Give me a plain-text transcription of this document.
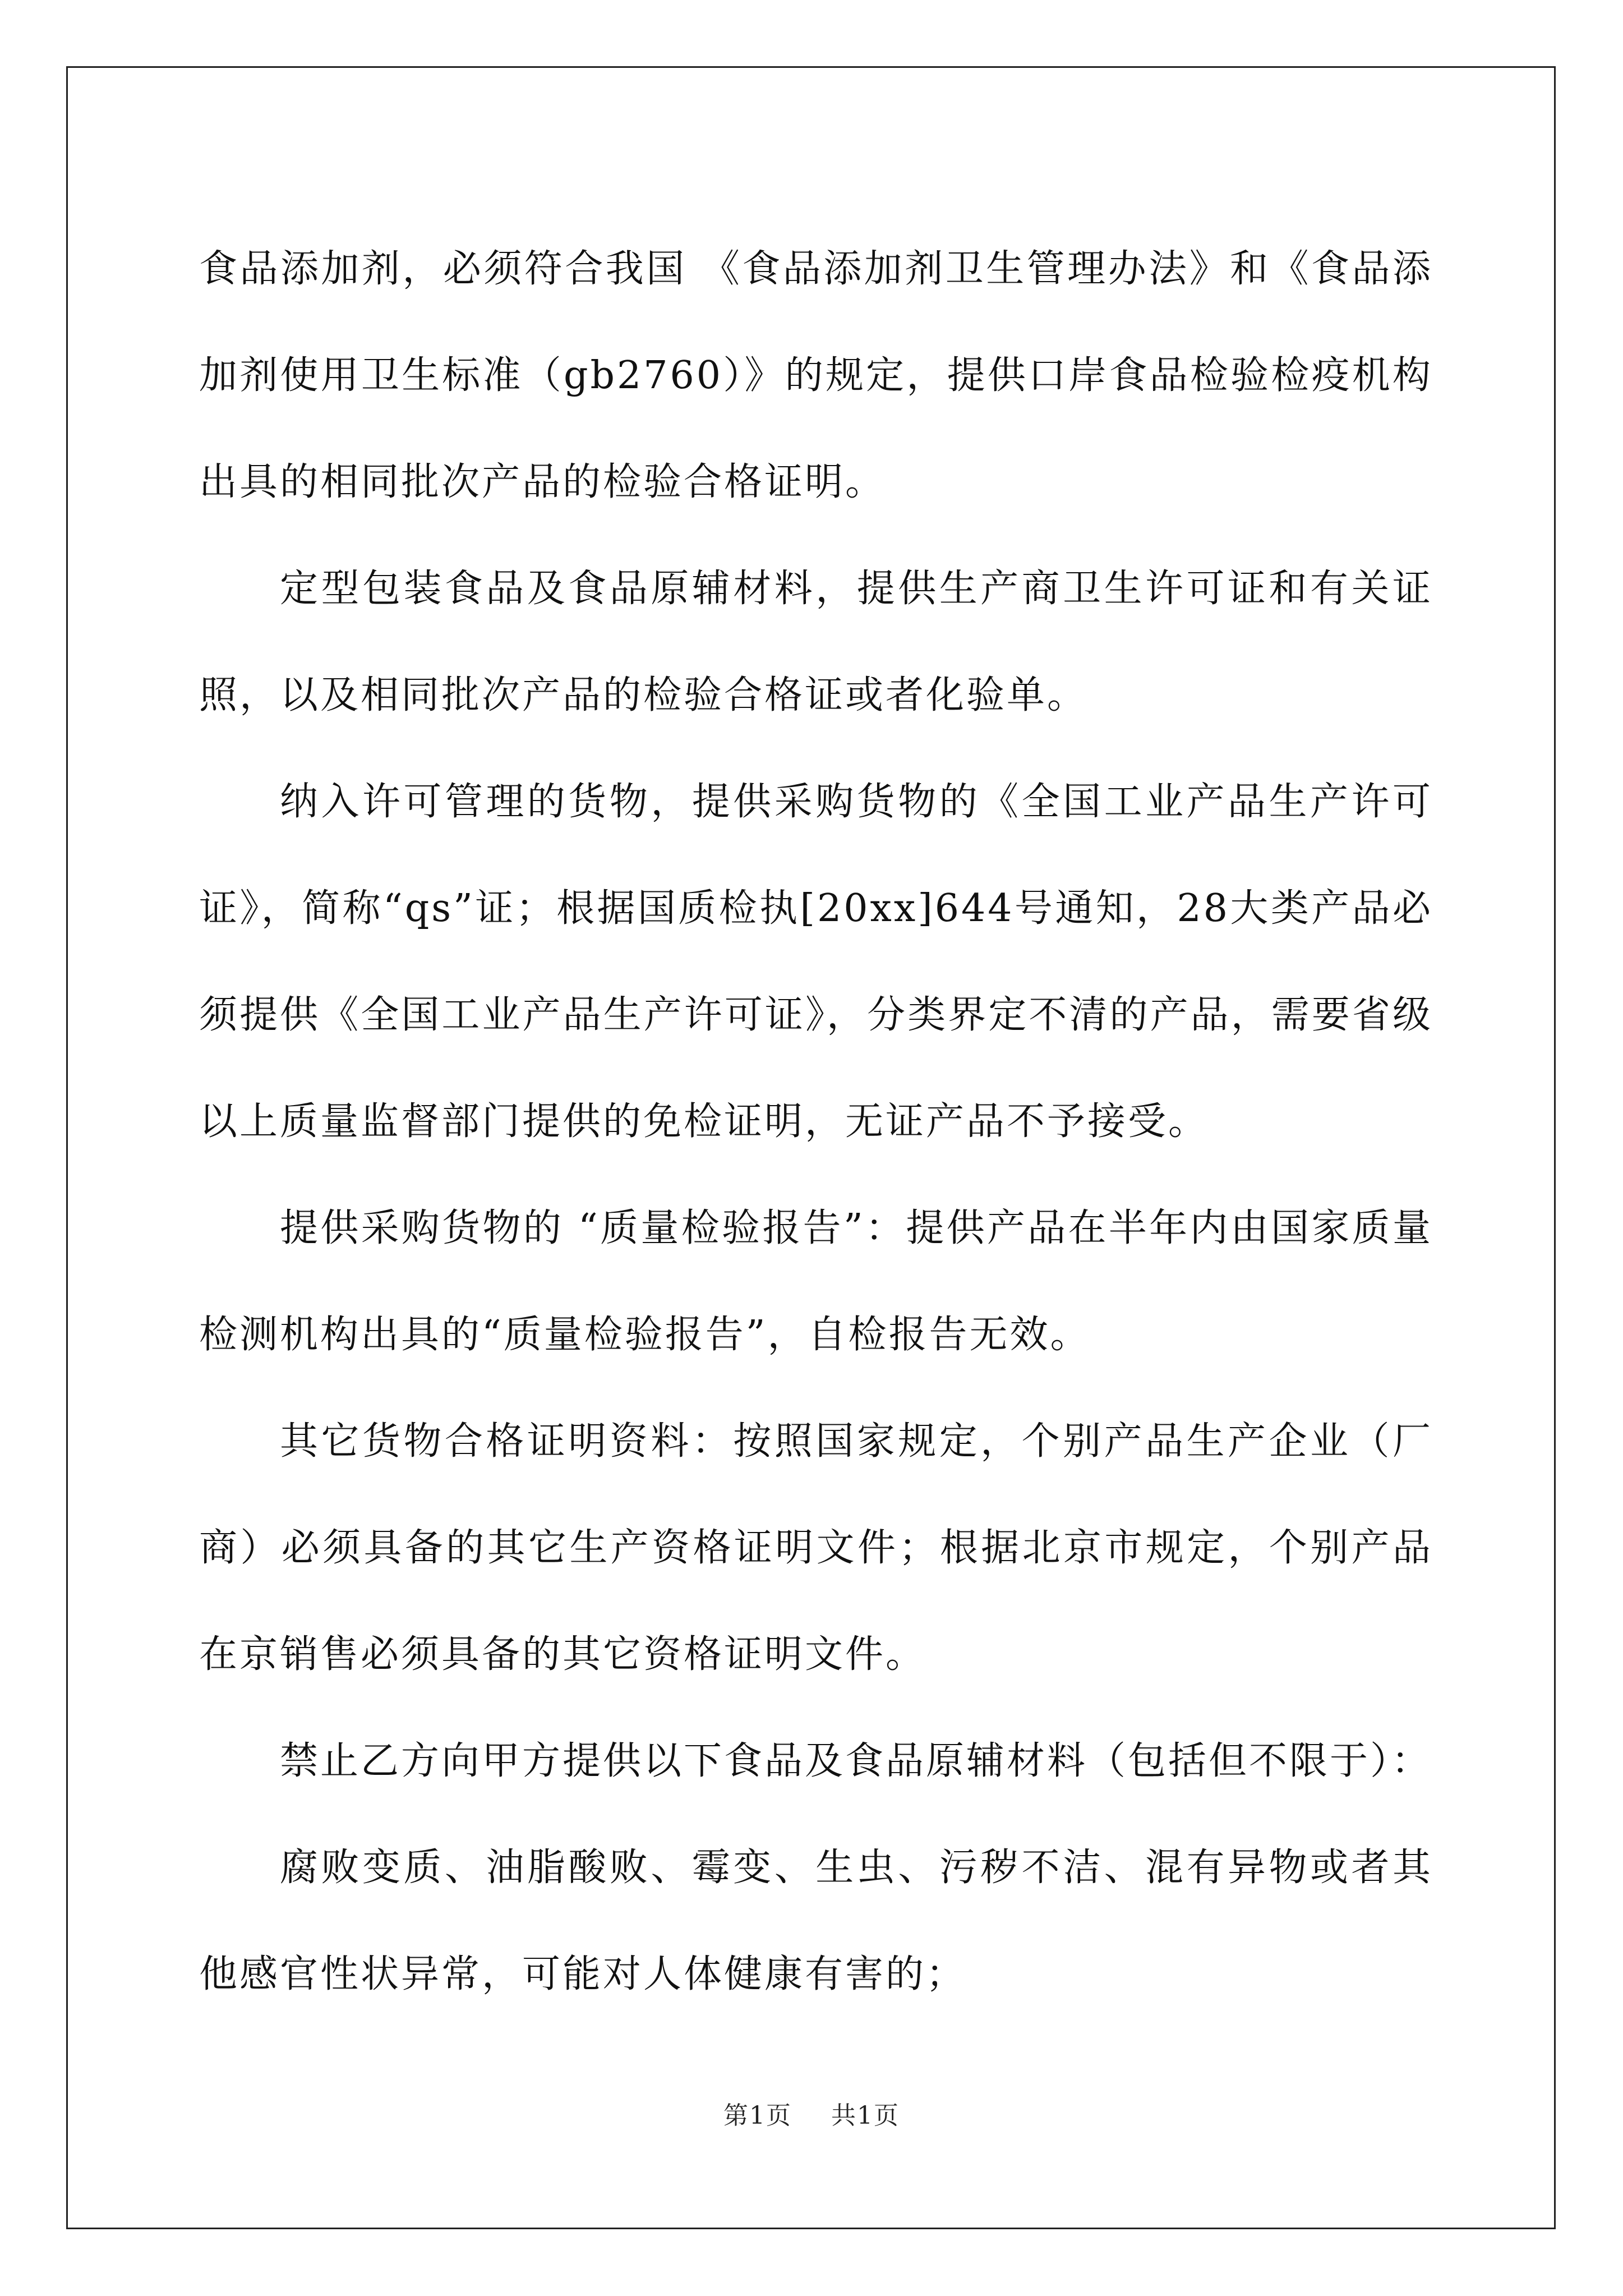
食品添加剂，必须符合我国 《食品添加剂卫生管理办法》和《食品添加剂使用卫生标准（gb2760）》的规定，提供口岸食品检验检疫机构出具的相同批次产品的检验合格证明。

定型包装食品及食品原辅材料，提供生产商卫生许可证和有关证照，以及相同批次产品的检验合格证或者化验单。

纳入许可管理的货物，提供采购货物的《全国工业产品生产许可证》，简称“qs”证；根据国质检执[20xx]644号通知，28大类产品必须提供《全国工业产品生产许可证》，分类界定不清的产品，需要省级以上质量监督部门提供的免检证明，无证产品不予接受。

提供采购货物的 “质量检验报告”：提供产品在半年内由国家质量检测机构出具的“质量检验报告”，自检报告无效。

其它货物合格证明资料：按照国家规定，个别产品生产企业（厂商）必须具备的其它生产资格证明文件；根据北京市规定，个别产品在京销售必须具备的其它资格证明文件。

禁止乙方向甲方提供以下食品及食品原辅材料（包括但不限于）：

腐败变质、油脂酸败、霉变、生虫、污秽不洁、混有异物或者其他感官性状异常，可能对人体健康有害的；

第1页 共1页
